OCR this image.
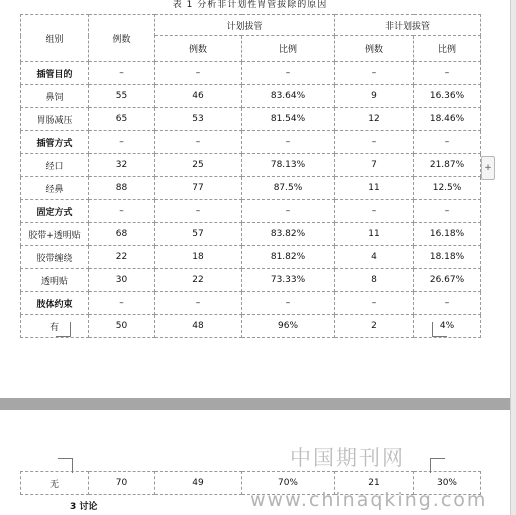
表 1 分析非计划性胃管拔除的原因
组别	例数	计划拔管		非计划拔管	
		例数	比例	例数	比例
插管目的	–	–	–	–	–
鼻饲	55	46	83.64%	9	16.36%
胃肠减压	65	53	81.54%	12	18.46%
插管方式	–	–	–	–	–
经口	32	25	78.13%	7	21.87%
经鼻	88	77	87.5%	11	12.5%
固定方式	–	–	–	–	–
胶带+透明贴	68	57	83.82%	11	16.18%
胶带缠绕	22	18	81.82%	4	18.18%
透明贴	30	22	73.33%	8	26.67%
肢体约束	–	–	–	–	–
有	50	48	96%	2	4%
无	70	49	70%	21	30%
3 讨论
中国期刊网
www.chinaqking.com
+
